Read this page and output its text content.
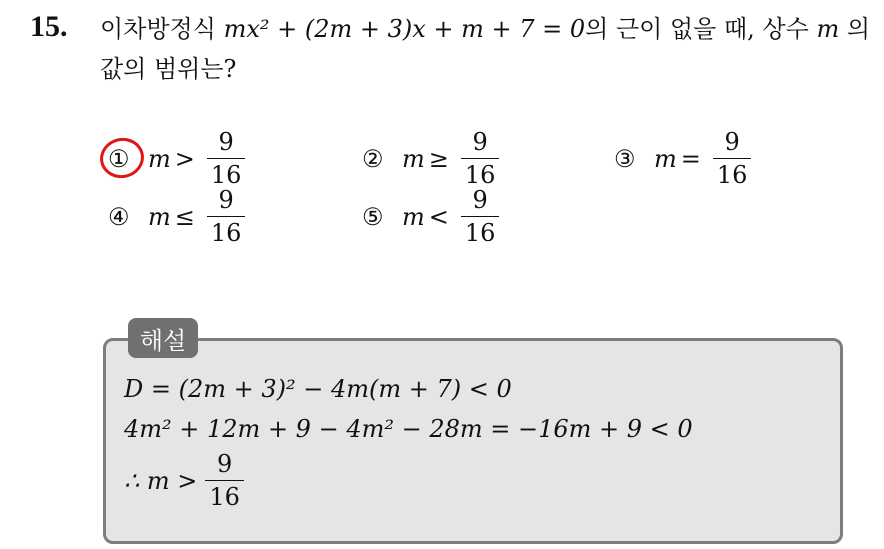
15. 이차방정식 mx² + (2m + 3)x + m + 7 = 0의 근이 없을 때, 상수 m 의
값의 범위는?
① $m > \frac{9}{16}$	② $m \ge \frac{9}{16}$	③ $m = \frac{9}{16}$
④ $m \le \frac{9}{16}$	⑤ $m < \frac{9}{16}$
해설
D = (2m + 3)² − 4m(m + 7) < 0
4m² + 12m + 9 − 4m² − 28m = −16m + 9 < 0
∴ $m > \frac{9}{16}$
